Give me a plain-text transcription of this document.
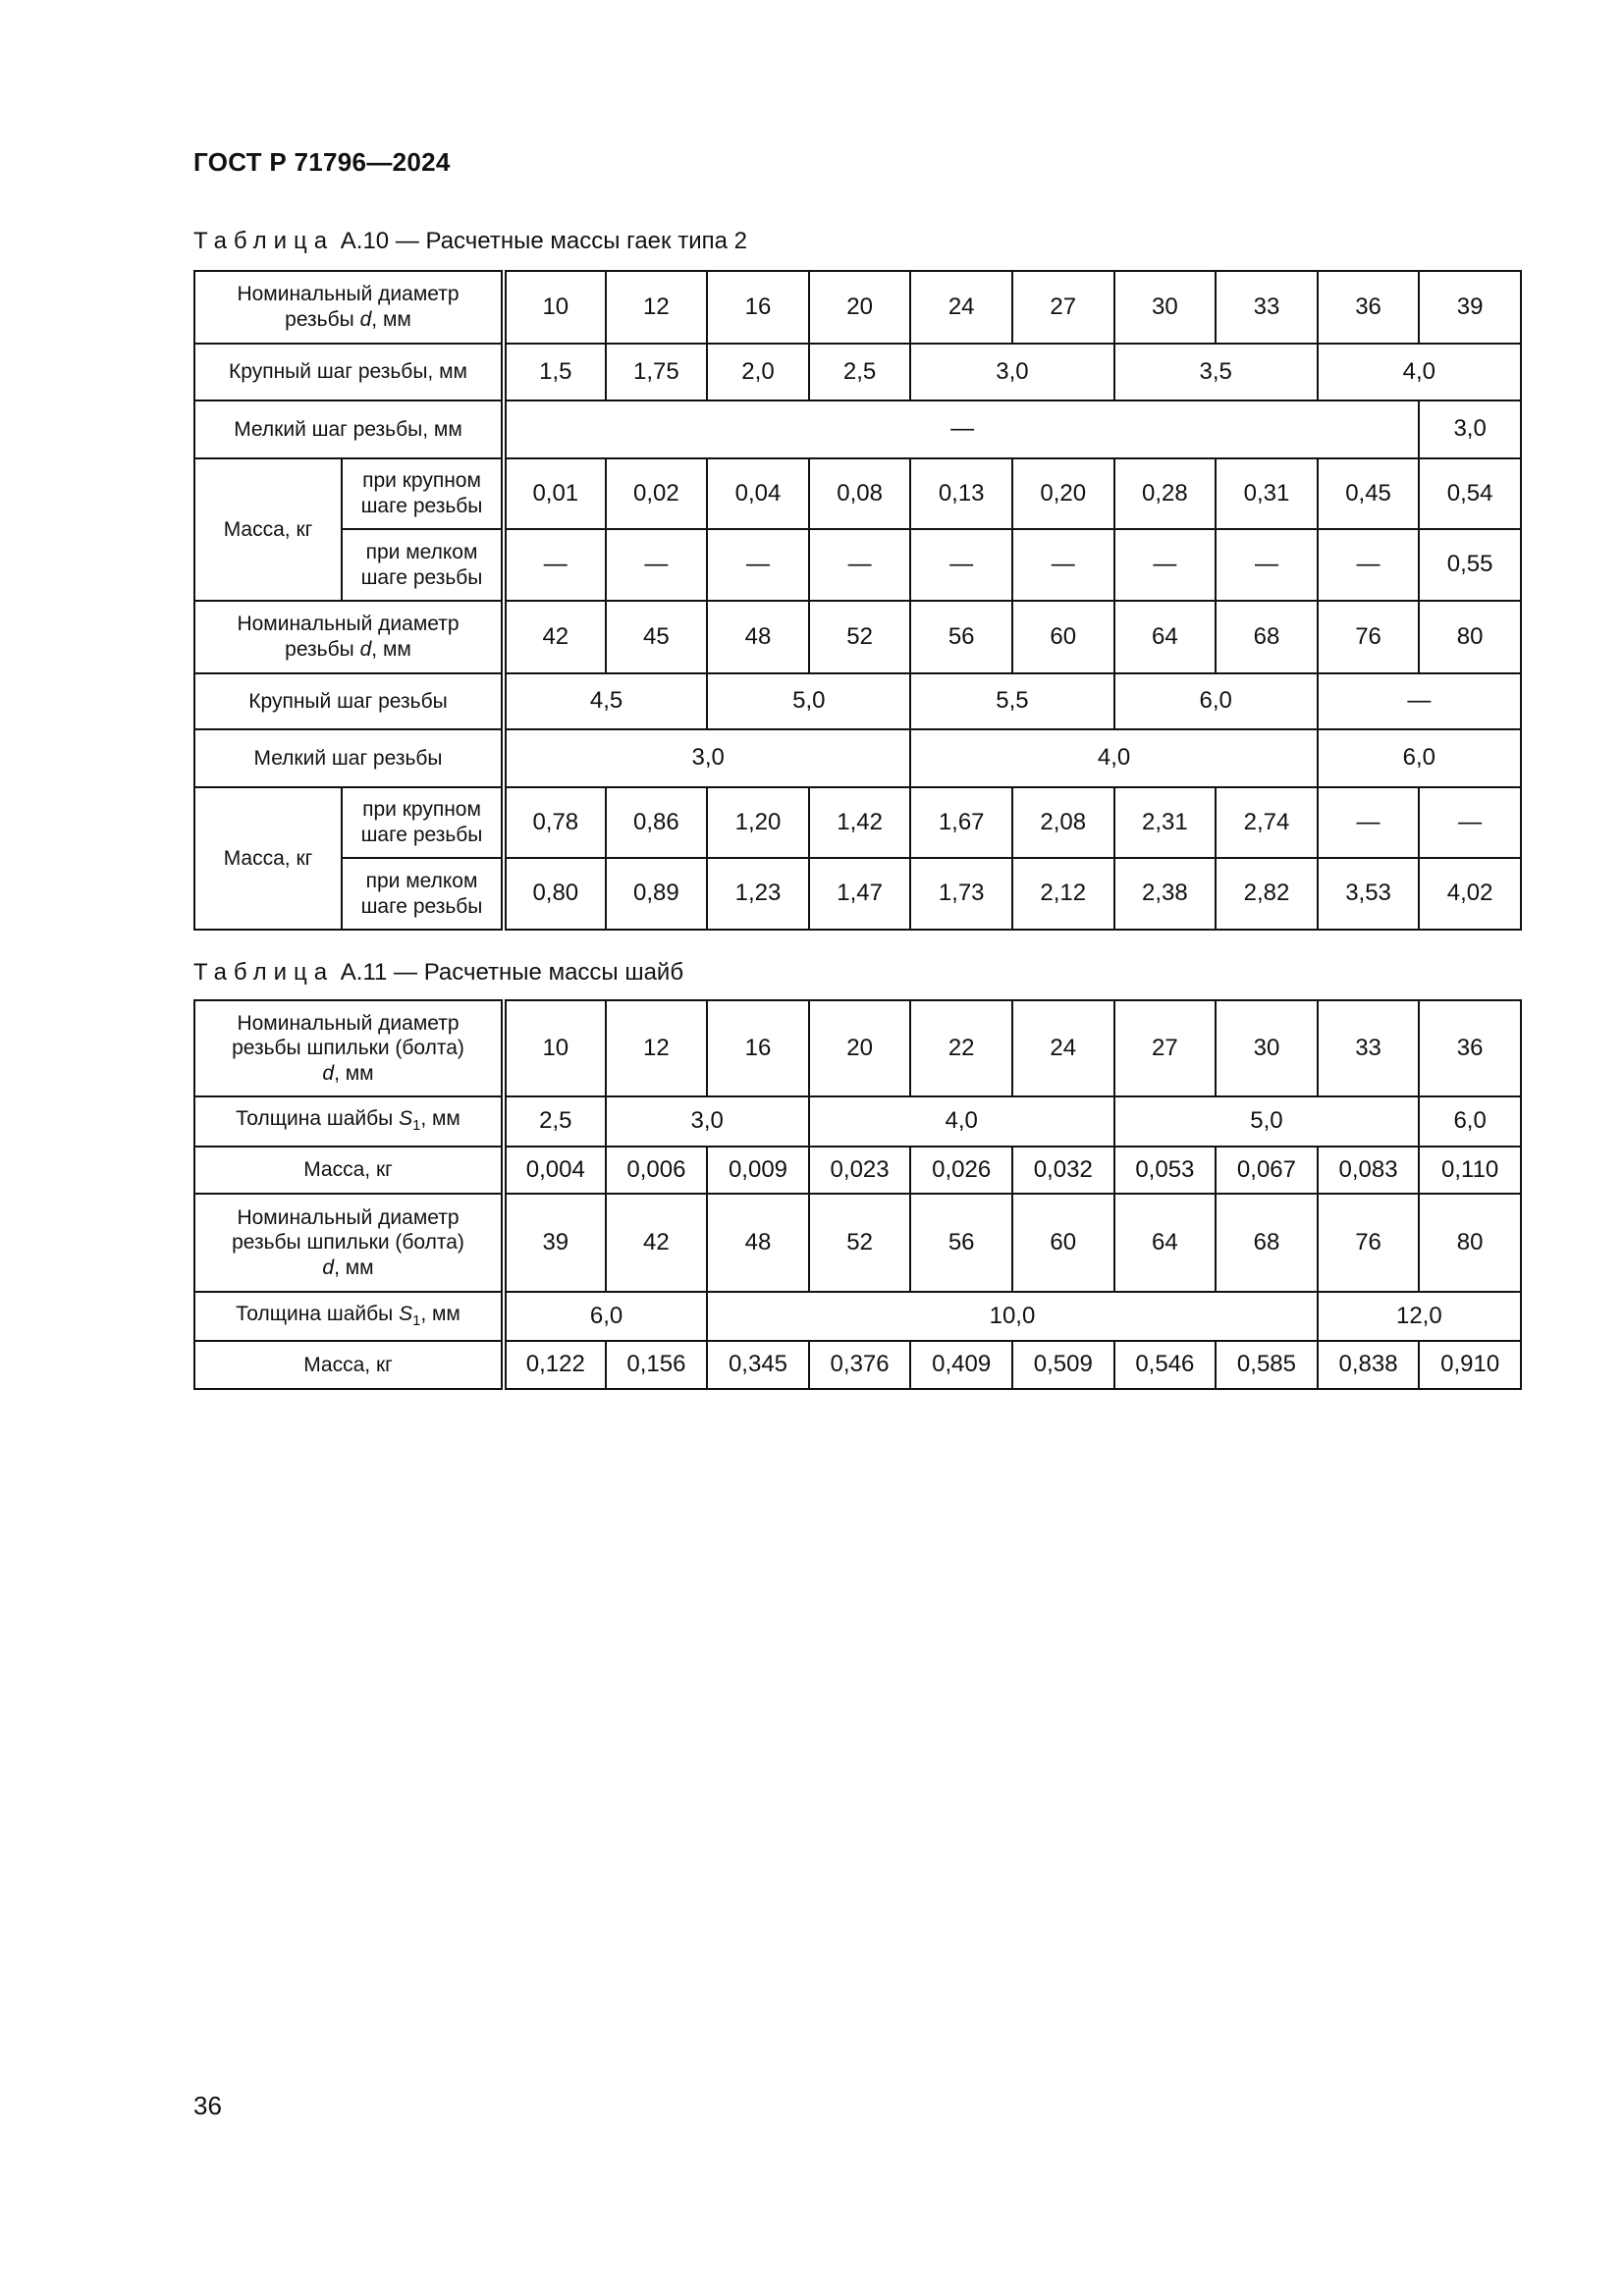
ГОСТ Р 71796—2024
Таблица А.10 — Расчетные массы гаек типа 2
Номинальный диаметр
резьбы d, мм		10	12	16	20	24	27	30	33	36	39
Крупный шаг резьбы, мм		1,5	1,75	2,0	2,5	3,0		3,5		4,0	
Мелкий шаг резьбы, мм		—									3,0
Масса, кг	при крупном шаге резьбы	0,01	0,02	0,04	0,08	0,13	0,20	0,28	0,31	0,45	0,54
	при мелком шаге резьбы	—	—	—	—	—	—	—	—	—	0,55
Номинальный диаметр
резьбы d, мм		42	45	48	52	56	60	64	68	76	80
Крупный шаг резьбы		4,5		5,0		5,5		6,0		—	
Мелкий шаг резьбы		3,0				4,0				6,0	
Масса, кг	при крупном шаге резьбы	0,78	0,86	1,20	1,42	1,67	2,08	2,31	2,74	—	—
	при мелком шаге резьбы	0,80	0,89	1,23	1,47	1,73	2,12	2,38	2,82	3,53	4,02
Таблица А.11 — Расчетные массы шайб
Номинальный диаметр
резьбы шпильки (болта)
d, мм	10	12	16	20	22	24	27	30	33	36
Толщина шайбы $S_1$, мм	2,5	3,0		4,0			5,0			6,0
Масса, кг	0,004	0,006	0,009	0,023	0,026	0,032	0,053	0,067	0,083	0,110
Номинальный диаметр
резьбы шпильки (болта)
d, мм	39	42	48	52	56	60	64	68	76	80
Толщина шайбы $S_1$, мм	6,0		10,0						12,0	
Масса, кг	0,122	0,156	0,345	0,376	0,409	0,509	0,546	0,585	0,838	0,910
36
